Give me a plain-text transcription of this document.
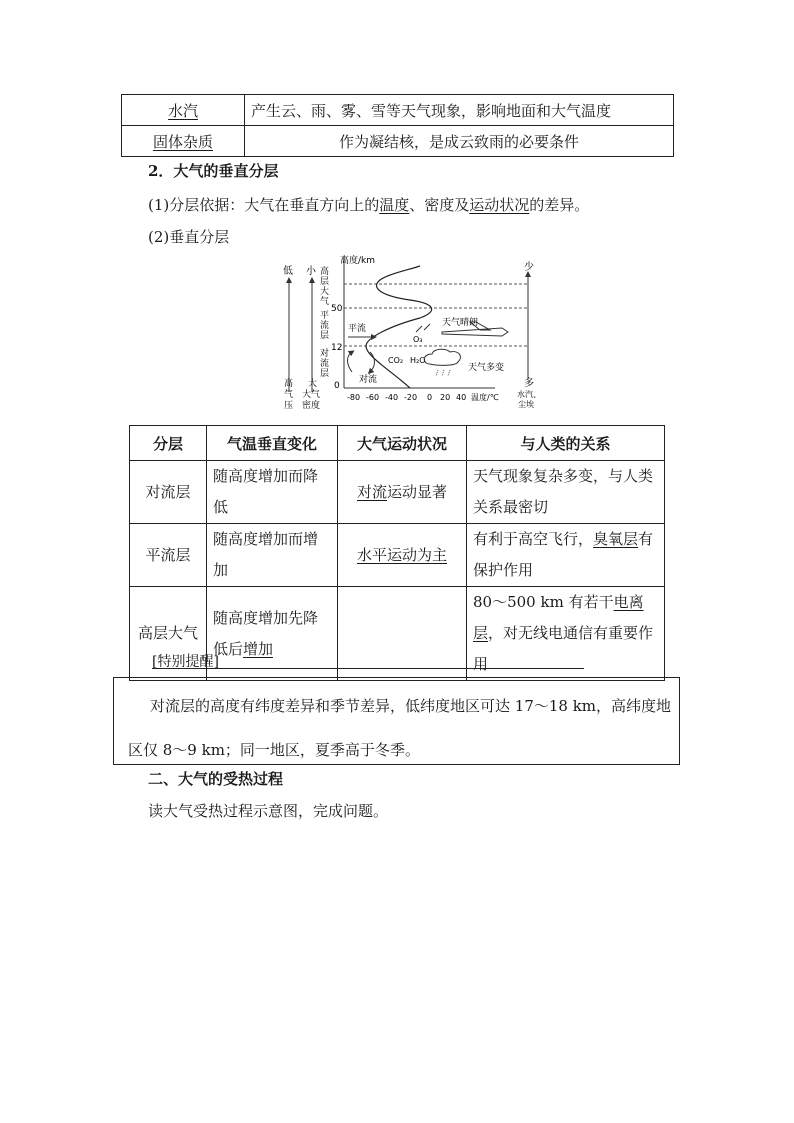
水汽	产生云、雨、雾、雪等天气现象，影响地面和大气温度
固体杂质	作为凝结核，是成云致雨的必要条件
2．大气的垂直分层
(1)分层依据：大气在垂直方向上的温度、密度及运动状况的差异。
(2)垂直分层
低 小
高气压
大大气密度
高层大气
平流层
对流层
高度/km
50
12
0
-80 -60 -40 -20 0 20 40 温度/℃
平流
对流
O₃
CO₂ H₂O
天气晴朗
天气多变
少
多
水汽、尘埃
分层	气温垂直变化	大气运动状况	与人类的关系
对流层	随高度增加而降低	对流运动显著	天气现象复杂多变，与人类关系最密切
平流层	随高度增加而增加	水平运动为主	有利于高空飞行，臭氧层有保护作用
高层大气	随高度增加先降低后增加		80～500 km 有若干电离层，对无线电通信有重要作用
[特别提醒]
对流层的高度有纬度差异和季节差异，低纬度地区可达 17～18 km，高纬度地区仅 8～9 km；同一地区，夏季高于冬季。
二、大气的受热过程
读大气受热过程示意图，完成问题。
